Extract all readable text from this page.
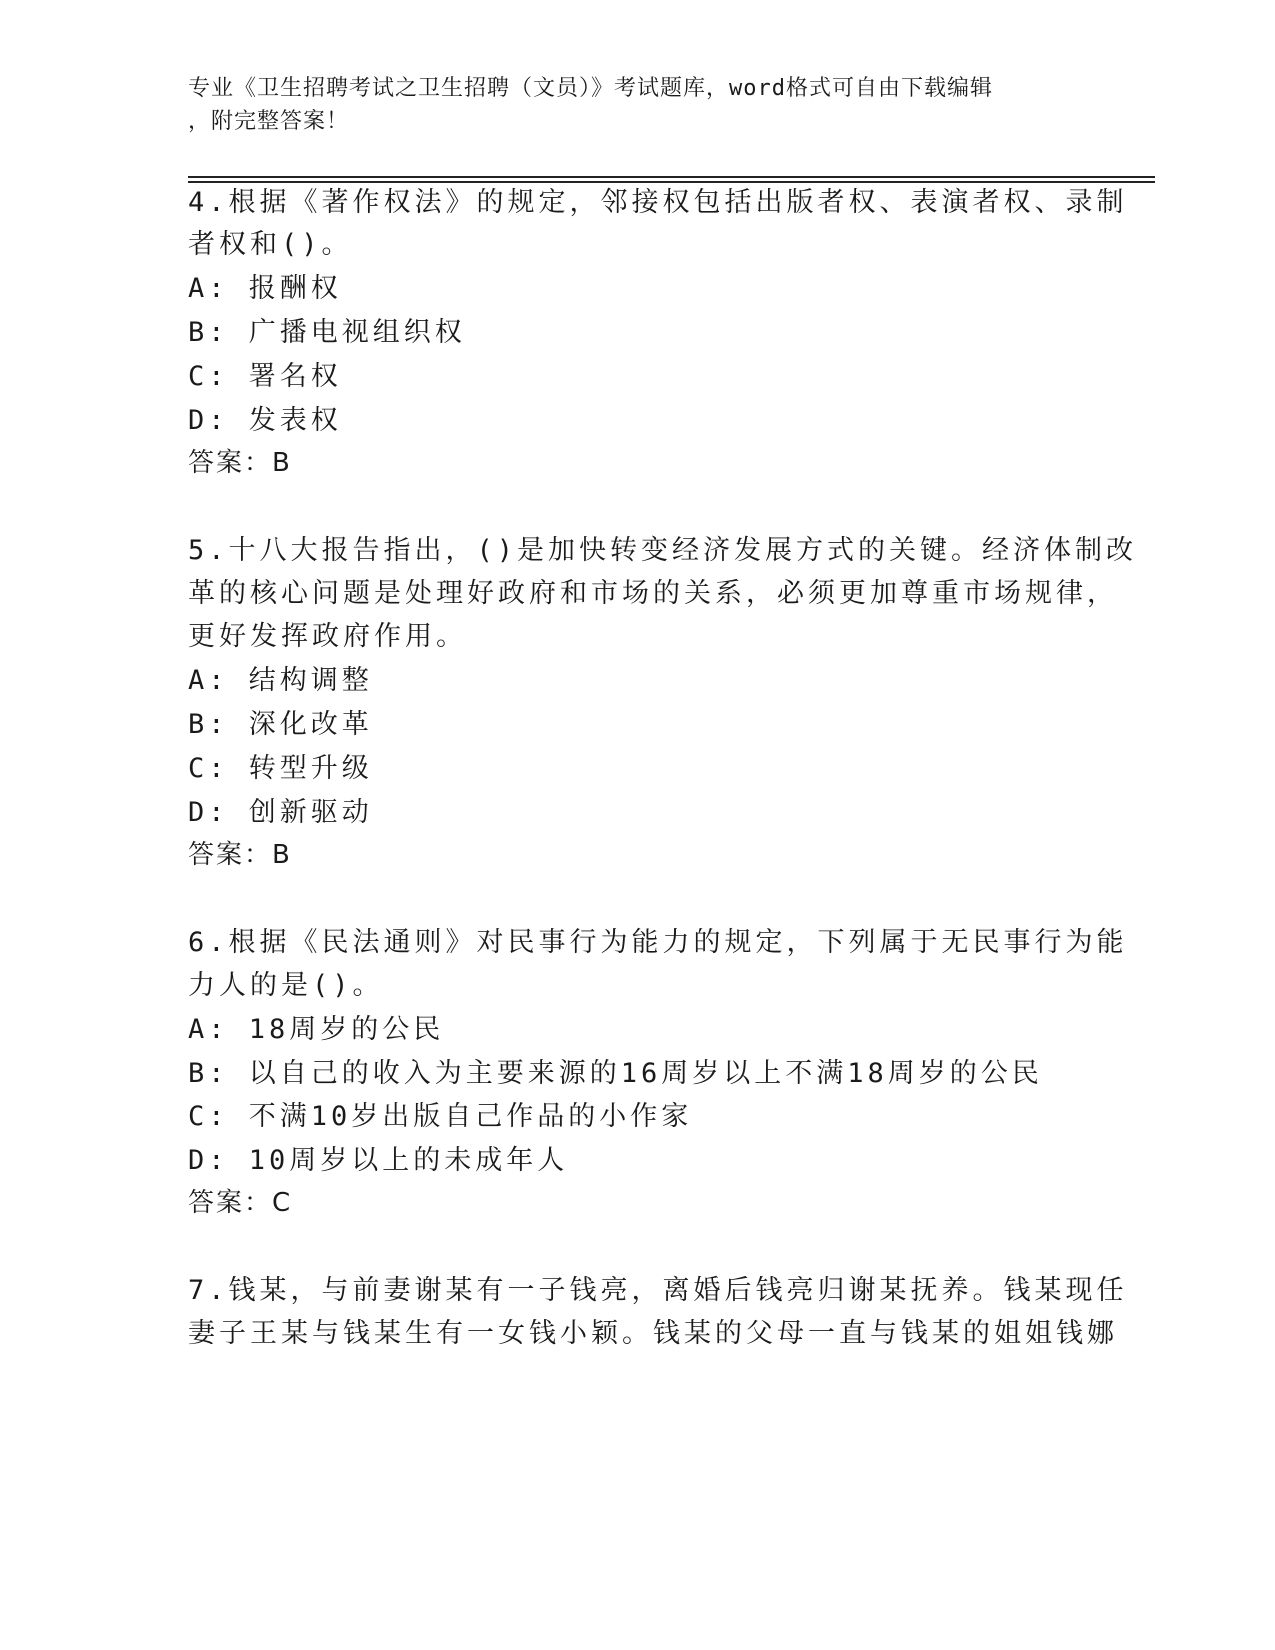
专业《卫生招聘考试之卫生招聘（文员）》考试题库，word格式可自由下载编辑
，附完整答案！
4.根据《著作权法》的规定，邻接权包括出版者权、表演者权、录制
者权和()。
A: 报酬权
B: 广播电视组织权
C: 署名权
D: 发表权
答案：B
5.十八大报告指出，()是加快转变经济发展方式的关键。经济体制改
革的核心问题是处理好政府和市场的关系，必须更加尊重市场规律，
更好发挥政府作用。
A: 结构调整
B: 深化改革
C: 转型升级
D: 创新驱动
答案：B
6.根据《民法通则》对民事行为能力的规定，下列属于无民事行为能
力人的是()。
A: 18周岁的公民
B: 以自己的收入为主要来源的16周岁以上不满18周岁的公民
C: 不满10岁出版自己作品的小作家
D: 10周岁以上的未成年人
答案：C
7.钱某，与前妻谢某有一子钱亮，离婚后钱亮归谢某抚养。钱某现任
妻子王某与钱某生有一女钱小颖。钱某的父母一直与钱某的姐姐钱娜
